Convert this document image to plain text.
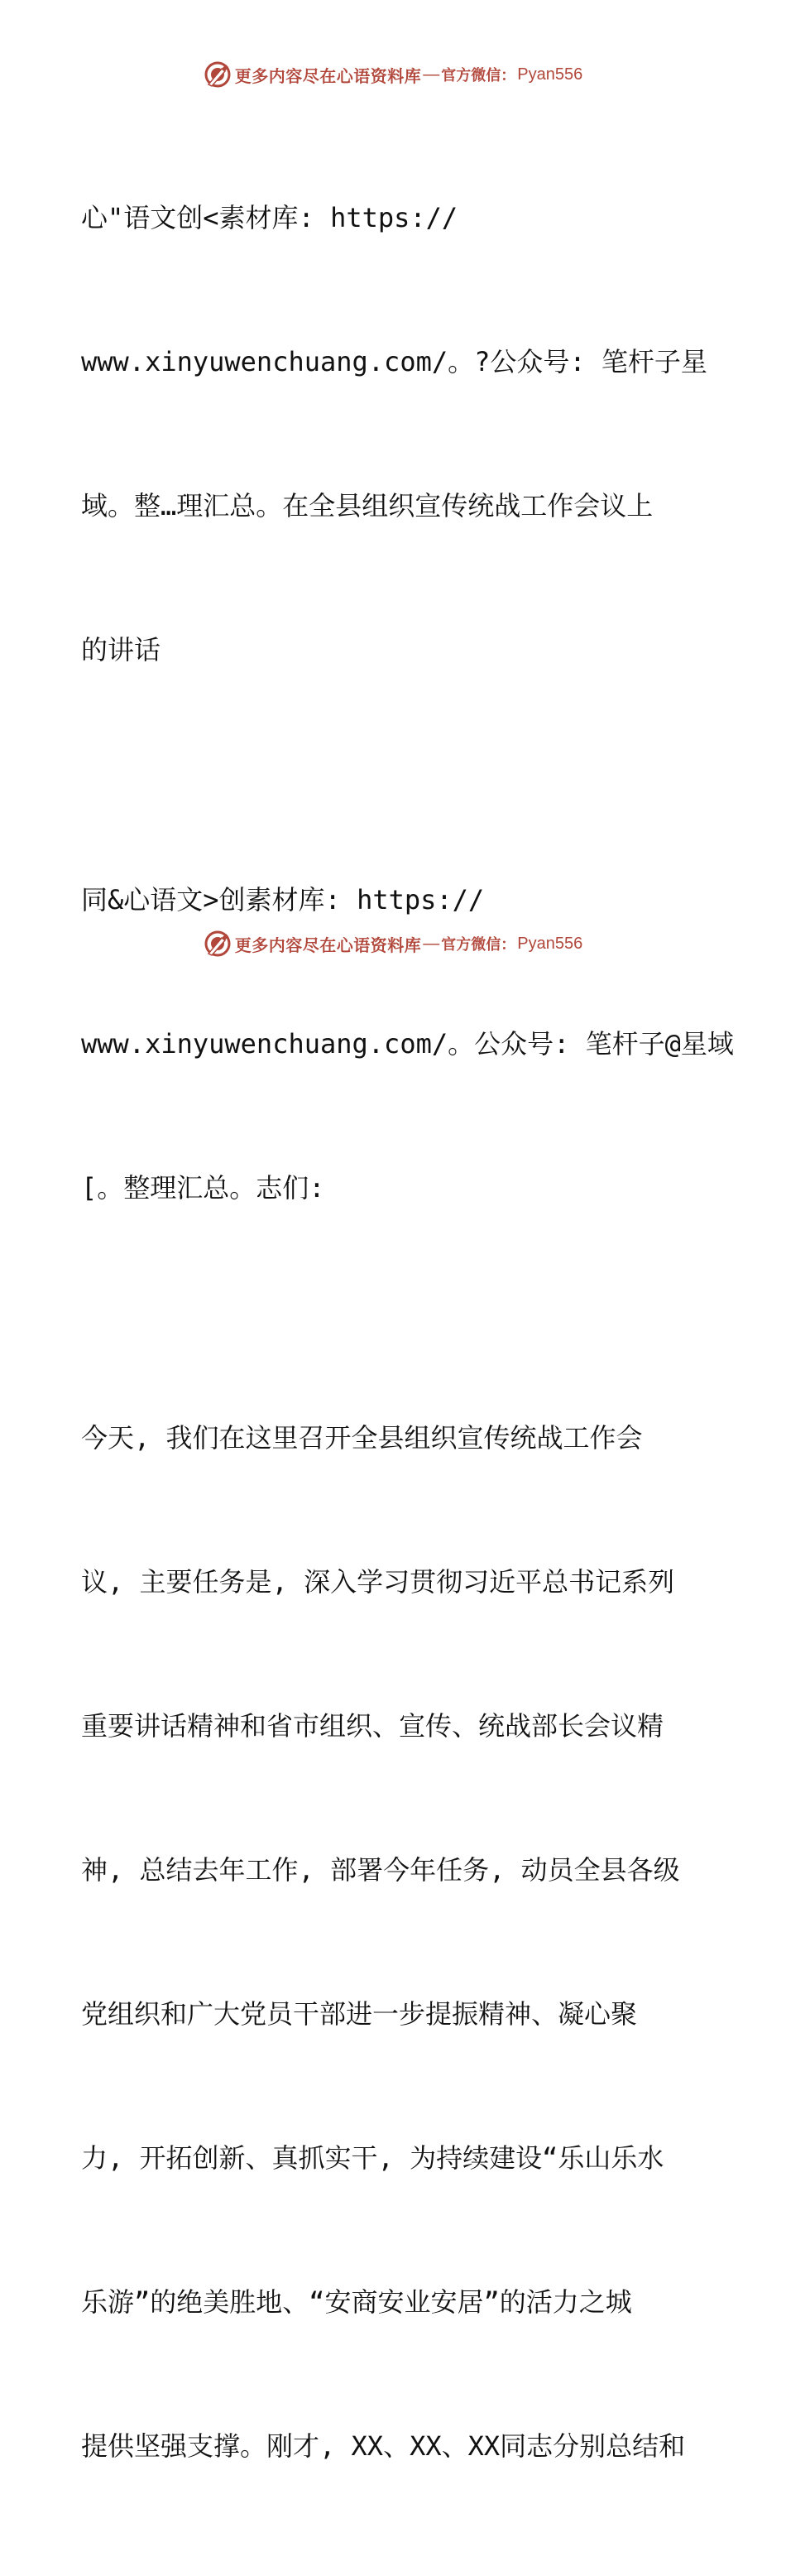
更多内容尽在心语资料库 — 官方微信： Pyan556

心"语文创<素材库: https://

www.xinyuwenchuang.com/。?公众号: 笔杆子星

域。整…理汇总。在全县组织宣传统战工作会议上

的讲话

同&心语文>创素材库: https://

www.xinyuwenchuang.com/。公众号: 笔杆子@星域

[。整理汇总。志们:

今天, 我们在这里召开全县组织宣传统战工作会

议, 主要任务是, 深入学习贯彻习近平总书记系列

重要讲话精神和省市组织、宣传、统战部长会议精

神, 总结去年工作, 部署今年任务, 动员全县各级

党组织和广大党员干部进一步提振精神、凝心聚

力, 开拓创新、真抓实干, 为持续建设“乐山乐水

乐游”的绝美胜地、“安商安业安居”的活力之城

提供坚强支撑。刚才, XX、XX、XX同志分别总结和

更多内容尽在心语资料库 — 官方微信： Pyan556
